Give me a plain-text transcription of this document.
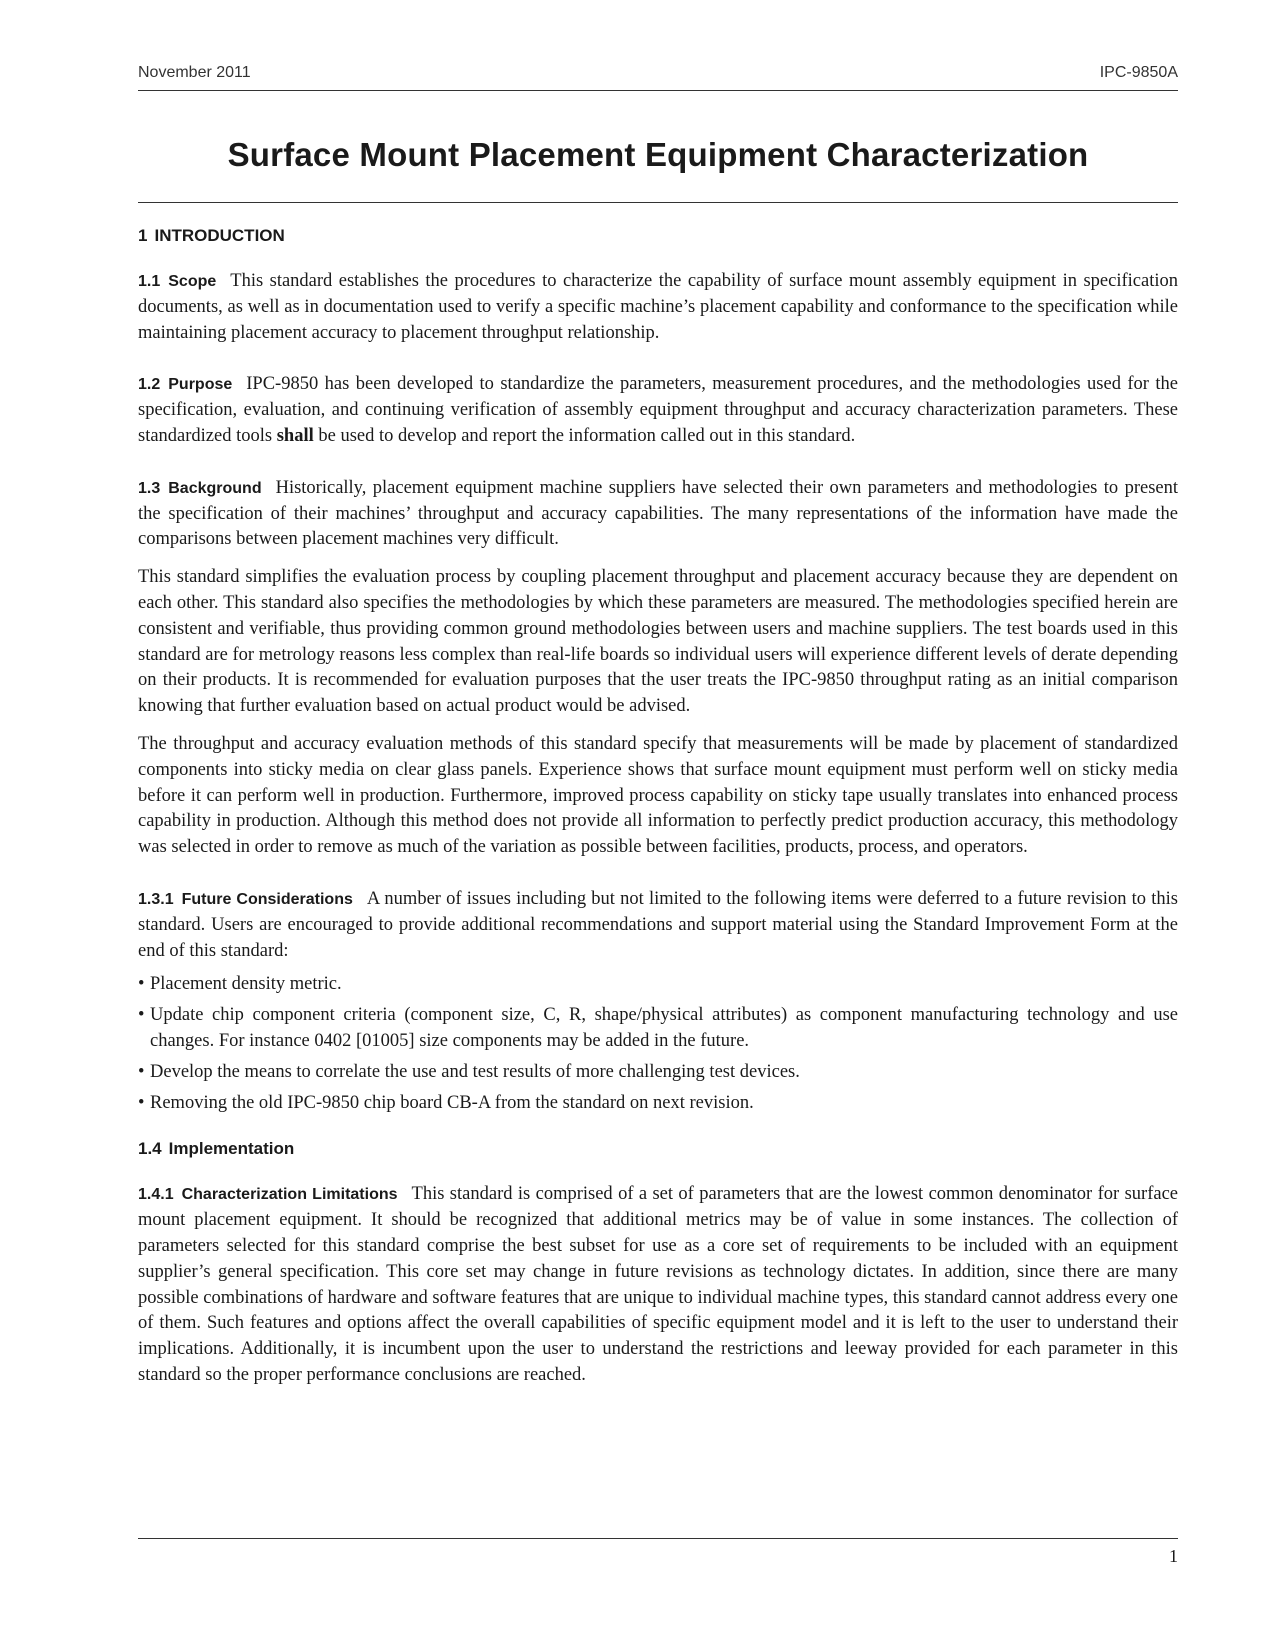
November 2011	IPC-9850A
Surface Mount Placement Equipment Characterization
1 INTRODUCTION

1.1 Scope This standard establishes the procedures to characterize the capability of surface mount assembly equipment in specification documents, as well as in documentation used to verify a specific machine’s placement capability and conformance to the specification while maintaining placement accuracy to placement throughput relationship.

1.2 Purpose IPC-9850 has been developed to standardize the parameters, measurement procedures, and the methodologies used for the specification, evaluation, and continuing verification of assembly equipment throughput and accuracy characterization parameters. These standardized tools shall be used to develop and report the information called out in this standard.

1.3 Background Historically, placement equipment machine suppliers have selected their own parameters and methodologies to present the specification of their machines’ throughput and accuracy capabilities. The many representations of the information have made the comparisons between placement machines very difficult.

This standard simplifies the evaluation process by coupling placement throughput and placement accuracy because they are dependent on each other. This standard also specifies the methodologies by which these parameters are measured. The methodologies specified herein are consistent and verifiable, thus providing common ground methodologies between users and machine suppliers. The test boards used in this standard are for metrology reasons less complex than real-life boards so individual users will experience different levels of derate depending on their products. It is recommended for evaluation purposes that the user treats the IPC-9850 throughput rating as an initial comparison knowing that further evaluation based on actual product would be advised.

The throughput and accuracy evaluation methods of this standard specify that measurements will be made by placement of standardized components into sticky media on clear glass panels. Experience shows that surface mount equipment must perform well on sticky media before it can perform well in production. Furthermore, improved process capability on sticky tape usually translates into enhanced process capability in production. Although this method does not provide all information to perfectly predict production accuracy, this methodology was selected in order to remove as much of the variation as possible between facilities, products, process, and operators.

1.3.1 Future Considerations A number of issues including but not limited to the following items were deferred to a future revision to this standard. Users are encouraged to provide additional recommendations and support material using the Standard Improvement Form at the end of this standard:

• Placement density metric.
• Update chip component criteria (component size, C, R, shape/physical attributes) as component manufacturing technology and use changes. For instance 0402 [01005] size components may be added in the future.
• Develop the means to correlate the use and test results of more challenging test devices.
• Removing the old IPC-9850 chip board CB-A from the standard on next revision.
1.4 Implementation

1.4.1 Characterization Limitations This standard is comprised of a set of parameters that are the lowest common denominator for surface mount placement equipment. It should be recognized that additional metrics may be of value in some instances. The collection of parameters selected for this standard comprise the best subset for use as a core set of requirements to be included with an equipment supplier’s general specification. This core set may change in future revisions as technology dictates. In addition, since there are many possible combinations of hardware and software features that are unique to individual machine types, this standard cannot address every one of them. Such features and options affect the overall capabilities of specific equipment model and it is left to the user to understand their implications. Additionally, it is incumbent upon the user to understand the restrictions and leeway provided for each parameter in this standard so the proper performance conclusions are reached.

1
